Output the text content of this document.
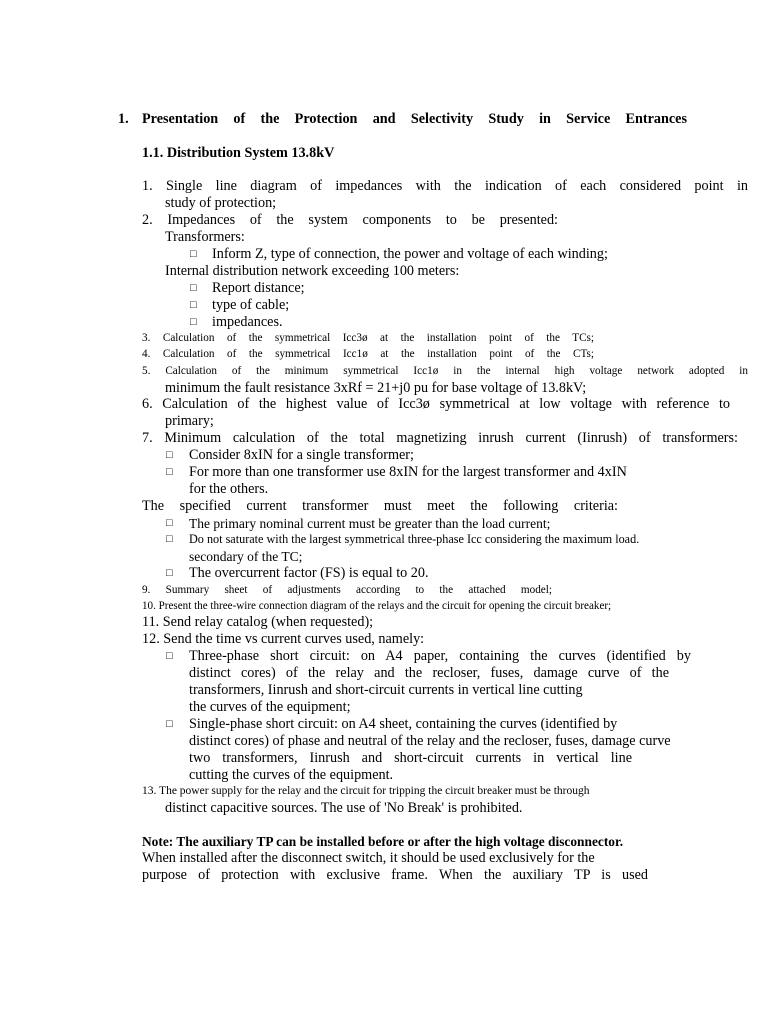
1. Presentation of the Protection and Selectivity Study in Service Entrances
1.1. Distribution System 13.8kV
1. Single line diagram of impedances with the indication of each considered point in
study of protection;
2. Impedances of the system components to be presented:
Transformers:
□ Inform Z, type of connection, the power and voltage of each winding;
Internal distribution network exceeding 100 meters:
□ Report distance;
□ type of cable;
□ impedances.
3. Calculation of the symmetrical Icc3ø at the installation point of the TCs;
4. Calculation of the symmetrical Icc1ø at the installation point of the CTs;
5. Calculation of the minimum symmetrical Icc1ø in the internal high voltage network adopted in
minimum the fault resistance 3xRf = 21+j0 pu for base voltage of 13.8kV;
6. Calculation of the highest value of Icc3ø symmetrical at low voltage with reference to
primary;
7. Minimum calculation of the total magnetizing inrush current (Iinrush) of transformers:
□ Consider 8xIN for a single transformer;
□ For more than one transformer use 8xIN for the largest transformer and 4xIN
for the others.
The specified current transformer must meet the following criteria:
□ The primary nominal current must be greater than the load current;
□ Do not saturate with the largest symmetrical three-phase Icc considering the maximum load.
secondary of the TC;
□ The overcurrent factor (FS) is equal to 20.
9. Summary sheet of adjustments according to the attached model;
10. Present the three-wire connection diagram of the relays and the circuit for opening the circuit breaker;
11. Send relay catalog (when requested);
12. Send the time vs current curves used, namely:
□ Three-phase short circuit: on A4 paper, containing the curves (identified by
distinct cores) of the relay and the recloser, fuses, damage curve of the
transformers, Iinrush and short-circuit currents in vertical line cutting
the curves of the equipment;
□ Single-phase short circuit: on A4 sheet, containing the curves (identified by
distinct cores) of phase and neutral of the relay and the recloser, fuses, damage curve
two transformers, Iinrush and short-circuit currents in vertical line
cutting the curves of the equipment.
13. The power supply for the relay and the circuit for tripping the circuit breaker must be through
distinct capacitive sources. The use of 'No Break' is prohibited.
Note: The auxiliary TP can be installed before or after the high voltage disconnector.
When installed after the disconnect switch, it should be used exclusively for the
purpose of protection with exclusive frame. When the auxiliary TP is used
